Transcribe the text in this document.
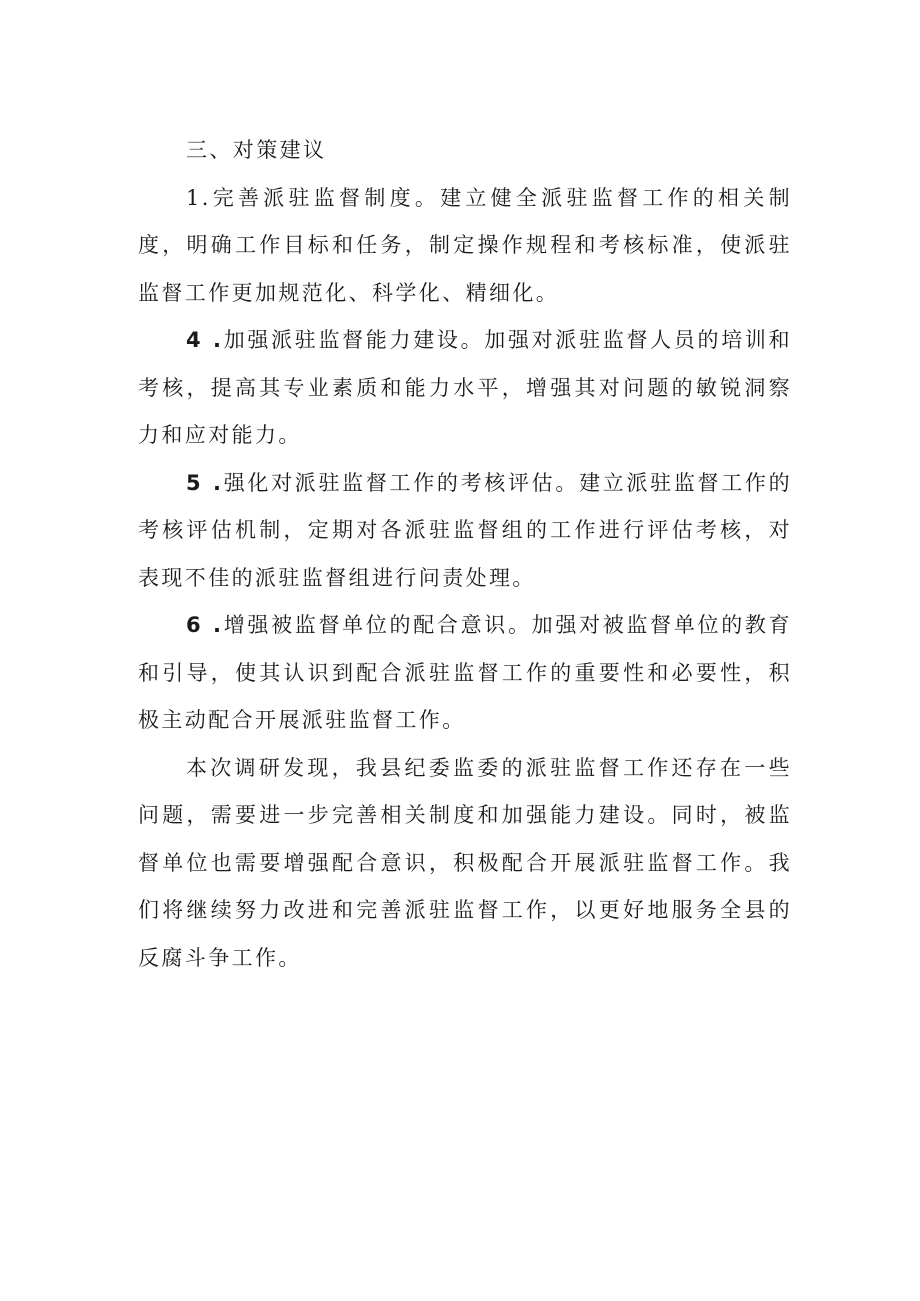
三、对策建议

1.完善派驻监督制度。建立健全派驻监督工作的相关制度，明确工作目标和任务，制定操作规程和考核标准，使派驻监督工作更加规范化、科学化、精细化。

4 .加强派驻监督能力建设。加强对派驻监督人员的培训和考核，提高其专业素质和能力水平，增强其对问题的敏锐洞察力和应对能力。

5 .强化对派驻监督工作的考核评估。建立派驻监督工作的考核评估机制，定期对各派驻监督组的工作进行评估考核，对表现不佳的派驻监督组进行问责处理。

6 .增强被监督单位的配合意识。加强对被监督单位的教育和引导，使其认识到配合派驻监督工作的重要性和必要性，积极主动配合开展派驻监督工作。

本次调研发现，我县纪委监委的派驻监督工作还存在一些问题，需要进一步完善相关制度和加强能力建设。同时，被监督单位也需要增强配合意识，积极配合开展派驻监督工作。我们将继续努力改进和完善派驻监督工作，以更好地服务全县的反腐斗争工作。
